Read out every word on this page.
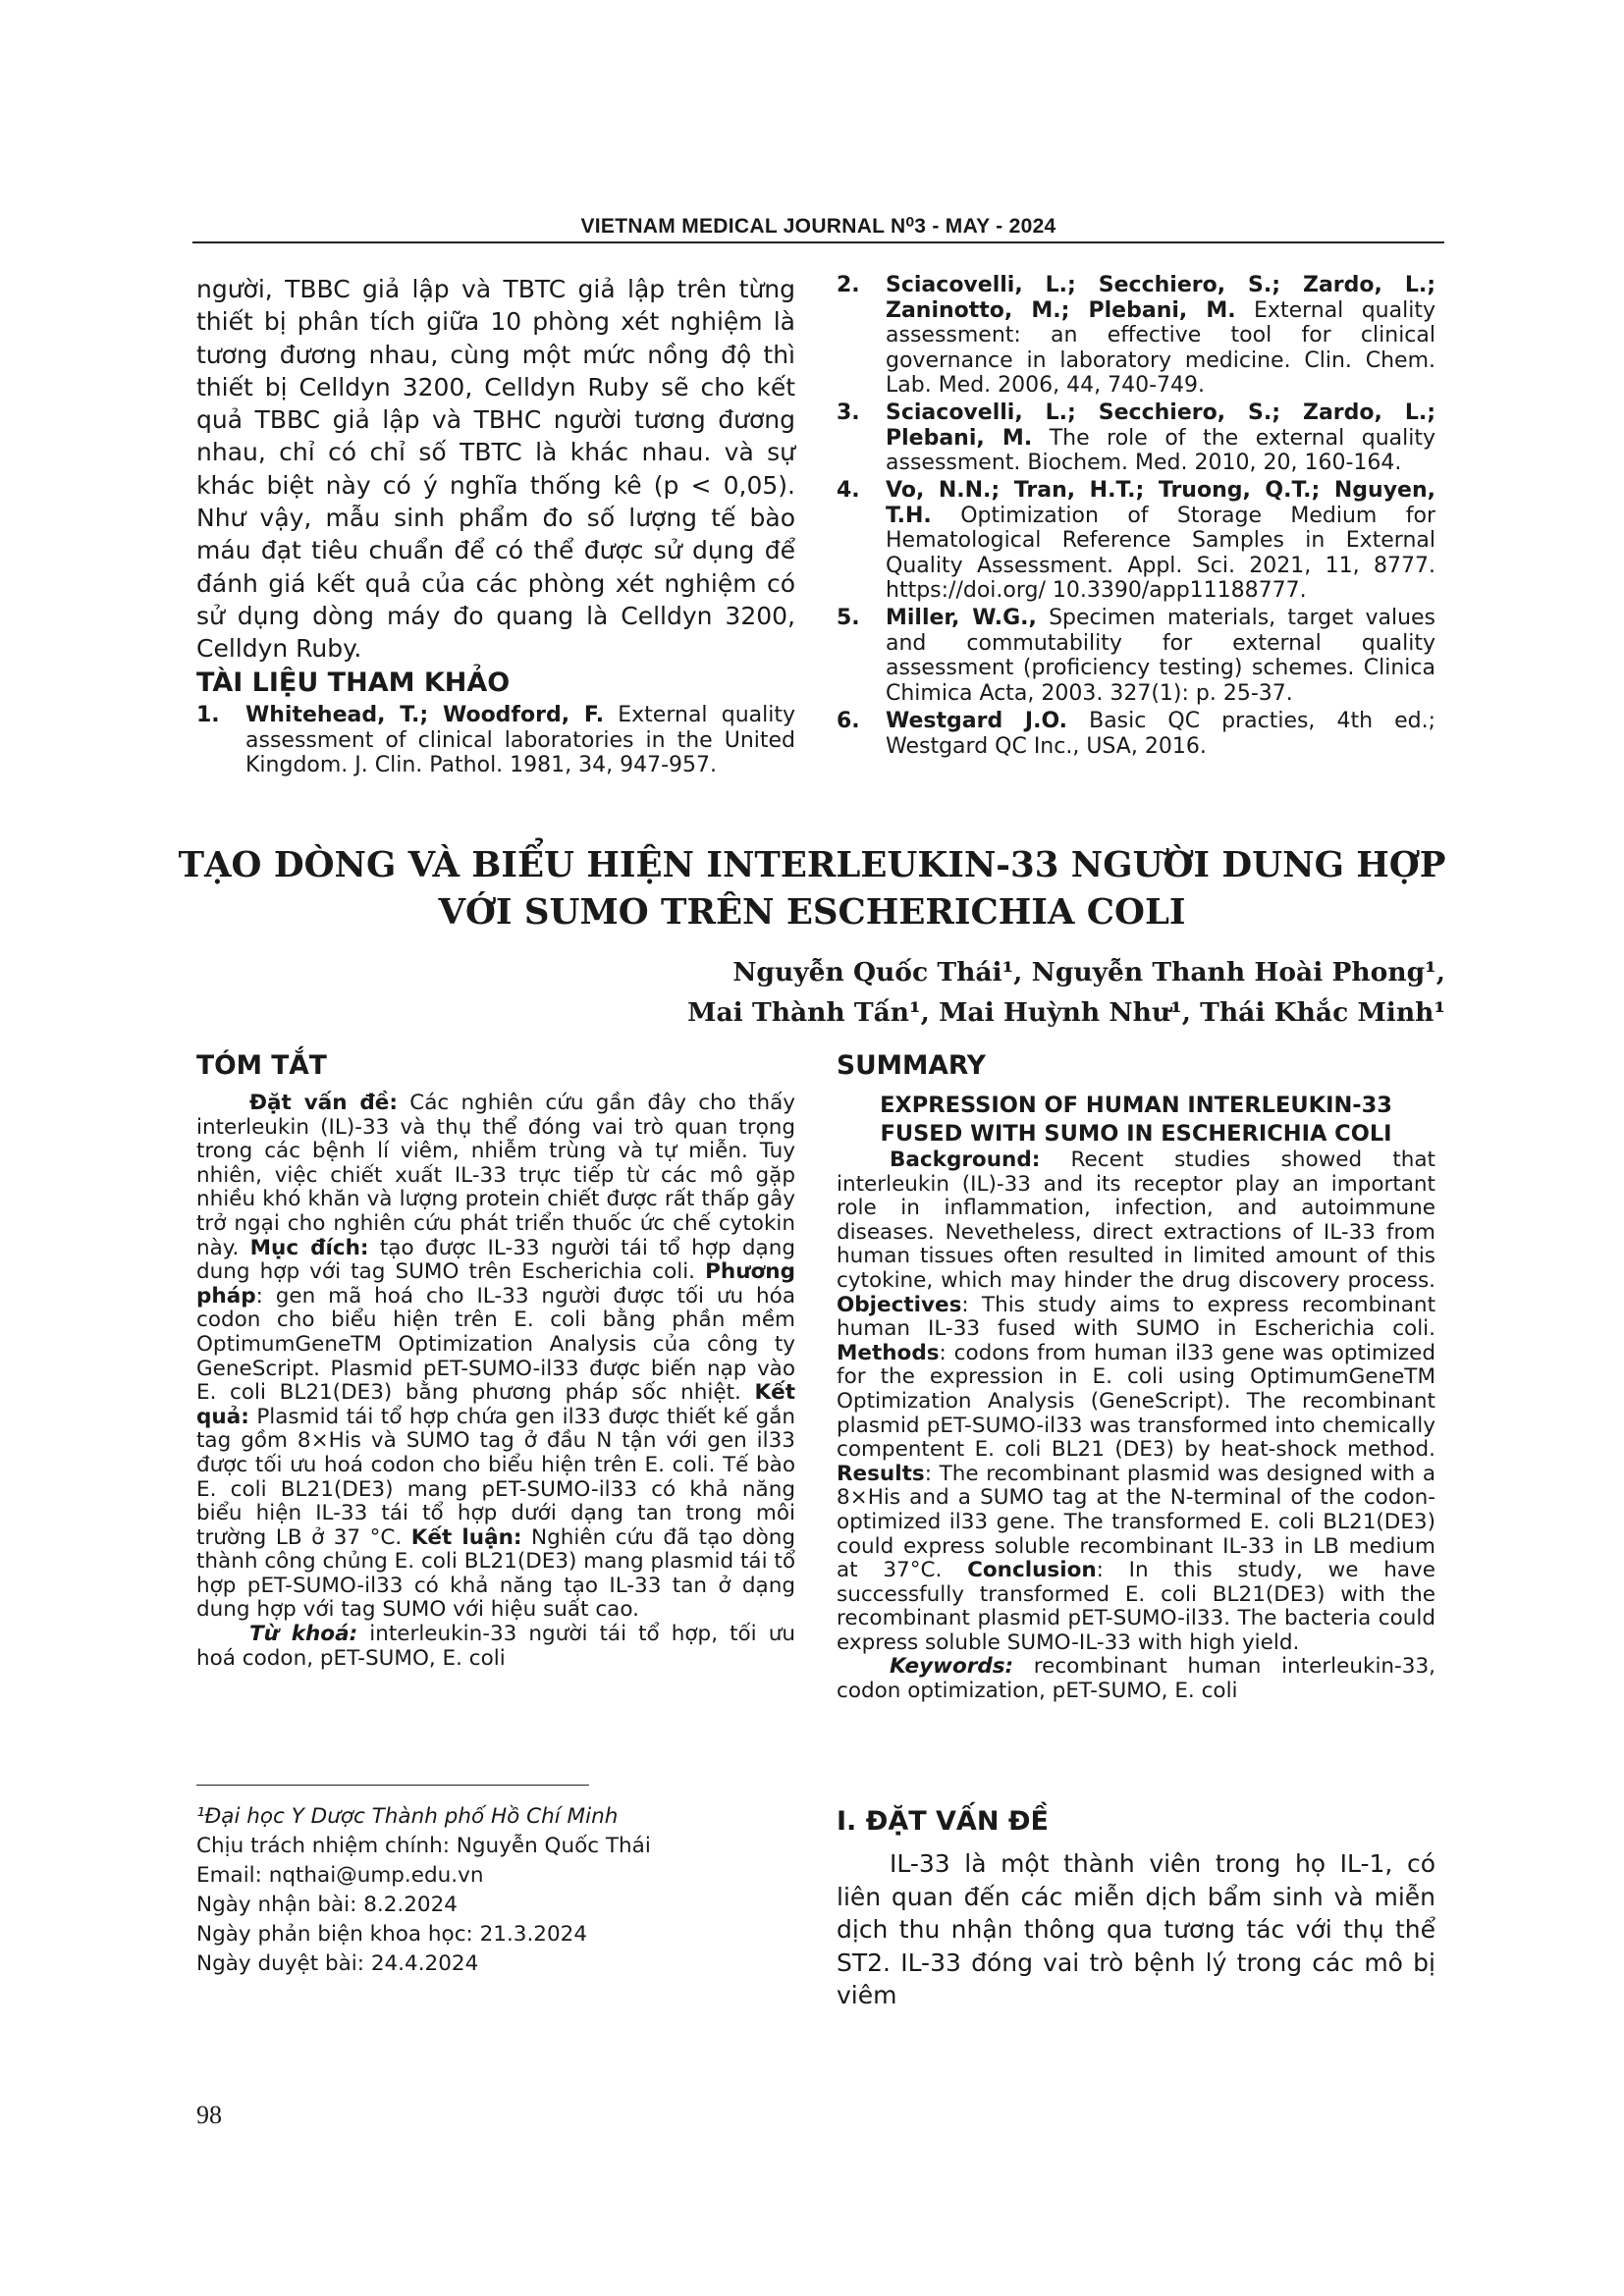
VIETNAM MEDICAL JOURNAL N⁰3 - MAY - 2024
người, TBBC giả lập và TBTC giả lập trên từng thiết bị phân tích giữa 10 phòng xét nghiệm là tương đương nhau, cùng một mức nồng độ thì thiết bị Celldyn 3200, Celldyn Ruby sẽ cho kết quả TBBC giả lập và TBHC người tương đương nhau, chỉ có chỉ số TBTC là khác nhau. và sự khác biệt này có ý nghĩa thống kê (p < 0,05). Như vậy, mẫu sinh phẩm đo số lượng tế bào máu đạt tiêu chuẩn để có thể được sử dụng để đánh giá kết quả của các phòng xét nghiệm có sử dụng dòng máy đo quang là Celldyn 3200, Celldyn Ruby.
TÀI LIỆU THAM KHẢO
1. Whitehead, T.; Woodford, F. External quality assessment of clinical laboratories in the United Kingdom. J. Clin. Pathol. 1981, 34, 947-957.
2. Sciacovelli, L.; Secchiero, S.; Zardo, L.; Zaninotto, M.; Plebani, M. External quality assessment: an effective tool for clinical governance in laboratory medicine. Clin. Chem. Lab. Med. 2006, 44, 740-749.
3. Sciacovelli, L.; Secchiero, S.; Zardo, L.; Plebani, M. The role of the external quality assessment. Biochem. Med. 2010, 20, 160-164.
4. Vo, N.N.; Tran, H.T.; Truong, Q.T.; Nguyen, T.H. Optimization of Storage Medium for Hematological Reference Samples in External Quality Assessment. Appl. Sci. 2021, 11, 8777. https://doi.org/ 10.3390/app11188777.
5. Miller, W.G., Specimen materials, target values and commutability for external quality assessment (proficiency testing) schemes. Clinica Chimica Acta, 2003. 327(1): p. 25-37.
6. Westgard J.O. Basic QC practies, 4th ed.; Westgard QC Inc., USA, 2016.
TẠO DÒNG VÀ BIỂU HIỆN INTERLEUKIN-33 NGƯỜI DUNG HỢP
VỚI SUMO TRÊN ESCHERICHIA COLI
Nguyễn Quốc Thái¹, Nguyễn Thanh Hoài Phong¹,
Mai Thành Tấn¹, Mai Huỳnh Như¹, Thái Khắc Minh¹
TÓM TẮT
Đặt vấn đề: Các nghiên cứu gần đây cho thấy interleukin (IL)-33 và thụ thể đóng vai trò quan trọng trong các bệnh lí viêm, nhiễm trùng và tự miễn. Tuy nhiên, việc chiết xuất IL-33 trực tiếp từ các mô gặp nhiều khó khăn và lượng protein chiết được rất thấp gây trở ngại cho nghiên cứu phát triển thuốc ức chế cytokin này. Mục đích: tạo được IL-33 người tái tổ hợp dạng dung hợp với tag SUMO trên Escherichia coli. Phương pháp: gen mã hoá cho IL-33 người được tối ưu hóa codon cho biểu hiện trên E. coli bằng phần mềm OptimumGeneTM Optimization Analysis của công ty GeneScript. Plasmid pET-SUMO-il33 được biến nạp vào E. coli BL21(DE3) bằng phương pháp sốc nhiệt. Kết quả: Plasmid tái tổ hợp chứa gen il33 được thiết kế gắn tag gồm 8×His và SUMO tag ở đầu N tận với gen il33 được tối ưu hoá codon cho biểu hiện trên E. coli. Tế bào E. coli BL21(DE3) mang pET-SUMO-il33 có khả năng biểu hiện IL-33 tái tổ hợp dưới dạng tan trong môi trường LB ở 37 °C. Kết luận: Nghiên cứu đã tạo dòng thành công chủng E. coli BL21(DE3) mang plasmid tái tổ hợp pET-SUMO-il33 có khả năng tạo IL-33 tan ở dạng dung hợp với tag SUMO với hiệu suất cao.
Từ khoá: interleukin-33 người tái tổ hợp, tối ưu hoá codon, pET-SUMO, E. coli
SUMMARY
EXPRESSION OF HUMAN INTERLEUKIN-33
FUSED WITH SUMO IN ESCHERICHIA COLI
Background: Recent studies showed that interleukin (IL)-33 and its receptor play an important role in inflammation, infection, and autoimmune diseases. Nevetheless, direct extractions of IL-33 from human tissues often resulted in limited amount of this cytokine, which may hinder the drug discovery process. Objectives: This study aims to express recombinant human IL-33 fused with SUMO in Escherichia coli. Methods: codons from human il33 gene was optimized for the expression in E. coli using OptimumGeneTM Optimization Analysis (GeneScript). The recombinant plasmid pET-SUMO-il33 was transformed into chemically compentent E. coli BL21 (DE3) by heat-shock method. Results: The recombinant plasmid was designed with a 8×His and a SUMO tag at the N-terminal of the codon-optimized il33 gene. The transformed E. coli BL21(DE3) could express soluble recombinant IL-33 in LB medium at 37°C. Conclusion: In this study, we have successfully transformed E. coli BL21(DE3) with the recombinant plasmid pET-SUMO-il33. The bacteria could express soluble SUMO-IL-33 with high yield.
Keywords: recombinant human interleukin-33, codon optimization, pET-SUMO, E. coli
I. ĐẶT VẤN ĐỀ
IL-33 là một thành viên trong họ IL-1, có liên quan đến các miễn dịch bẩm sinh và miễn dịch thu nhận thông qua tương tác với thụ thể ST2. IL-33 đóng vai trò bệnh lý trong các mô bị viêm
¹Đại học Y Dược Thành phố Hồ Chí Minh
Chịu trách nhiệm chính: Nguyễn Quốc Thái
Email: nqthai@ump.edu.vn
Ngày nhận bài: 8.2.2024
Ngày phản biện khoa học: 21.3.2024
Ngày duyệt bài: 24.4.2024
98
